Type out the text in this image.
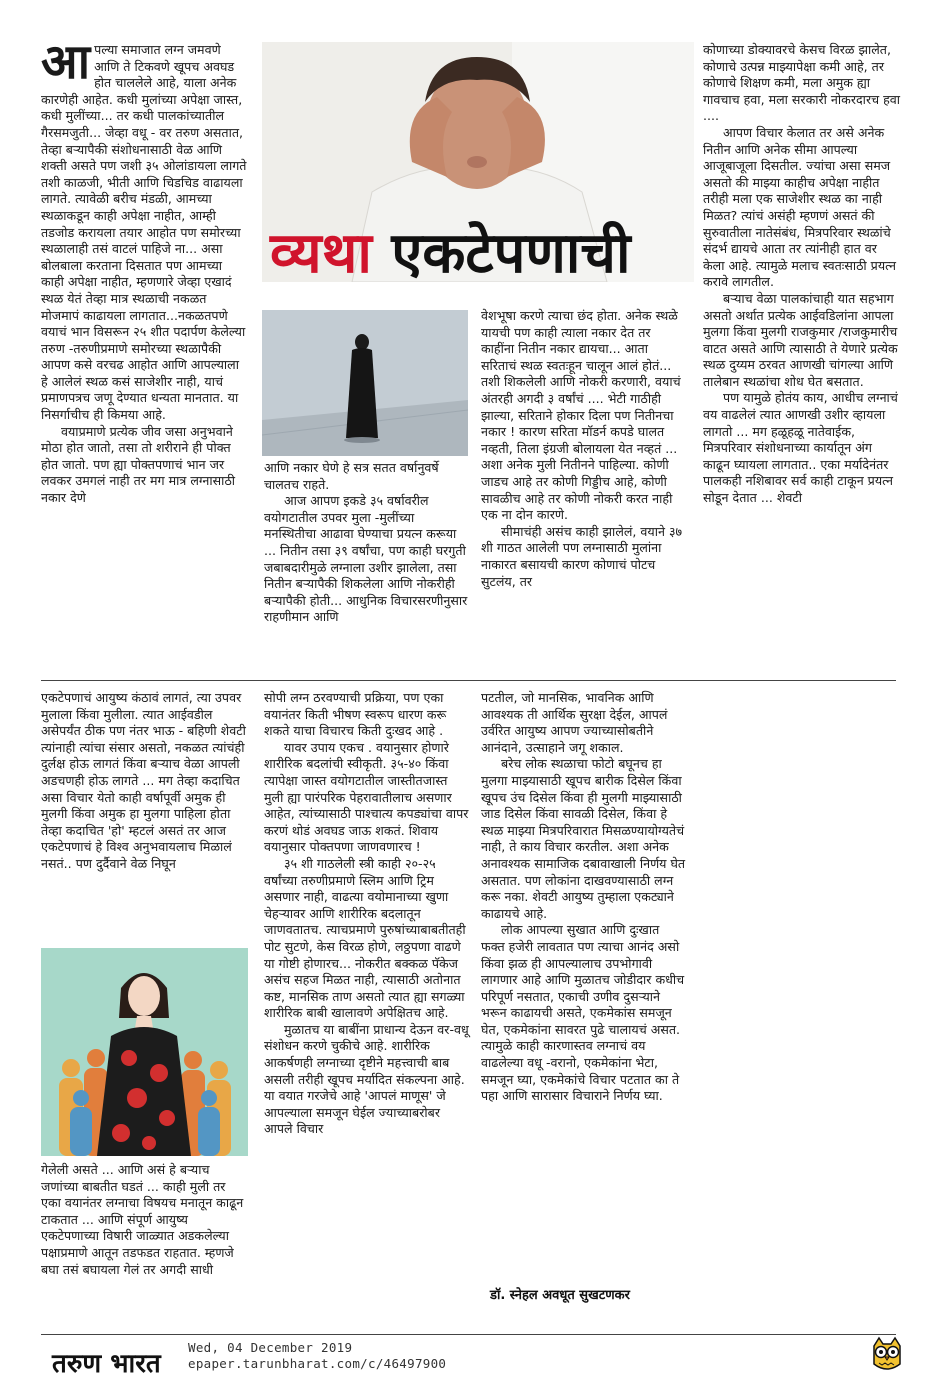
आपल्या समाजात लग्न जमवणे आणि ते टिकवणे खूपच अवघड होत चाललेले आहे, याला अनेक कारणेही आहेत. कधी मुलांच्या अपेक्षा जास्त, कधी मुलींच्या... तर कधी पालकांच्यातील गैरसमजुती... जेव्हा वधू - वर तरुण असतात, तेव्हा बऱ्यापैकी संशोधनासाठी वेळ आणि शक्ती असते पण जशी ३५ ओलांडायला लागते तशी काळजी, भीती आणि चिडचिड वाढायला लागते. त्यावेळी बरीच मंडळी, आमच्या स्थळाकडून काही अपेक्षा नाहीत, आम्ही तडजोड करायला तयार आहोत पण समोरच्या स्थळालाही तसं वाटलं पाहिजे ना... असा बोलबाला करताना दिसतात पण आमच्या काही अपेक्षा नाहीत, म्हणणारे जेव्हा एखादं स्थळ येतं तेव्हा मात्र स्थळाची नकळत मोजमापं काढायला लागतात...नकळतपणे वयाचं भान विसरून २५ शीत पदार्पण केलेल्या तरुण -तरुणीप्रमाणे समोरच्या स्थळापैकी आपण कसे वरचढ आहोत आणि आपल्याला हे आलेलं स्थळ कसं साजेशीर नाही, याचं प्रमाणपत्रच जणू देण्यात धन्यता मानतात. या निसर्गाचीच ही किमया आहे.

वयाप्रमाणे प्रत्येक जीव जसा अनुभवाने मोठा होत जातो, तसा तो शरीराने ही पोक्त होत जातो. पण ह्या पोक्तपणाचं भान जर लवकर उमगलं नाही तर मग मात्र लग्नासाठी नकार देणे

व्यथा एकटेपणाची

आणि नकार घेणे हे सत्र सतत वर्षानुवर्षे चालतच राहते.

आज आपण इकडे ३५ वर्षावरील वयोगटातील उपवर मुला -मुलींच्या मनस्थितीचा आढावा घेण्याचा प्रयत्न करूया ... नितीन तसा ३९ वर्षांचा, पण काही घरगुती जबाबदारीमुळे लग्नाला उशीर झालेला, तसा नितीन बऱ्यापैकी शिकलेला आणि नोकरीही बऱ्यापैकी होती... आधुनिक विचारसरणीनुसार राहणीमान आणि

वेशभूषा करणे त्याचा छंद होता. अनेक स्थळे यायची पण काही त्याला नकार देत तर काहींना नितीन नकार द्यायचा... आता सरिताचं स्थळ स्वतःहून चालून आलं होतं... तशी शिकलेली आणि नोकरी करणारी, वयाचं अंतरही अगदी ३ वर्षांचं .... भेटी गाठीही झाल्या, सरिताने होकार दिला पण नितीनचा नकार ! कारण सरिता मॉडर्न कपडे घालत नव्हती, तिला इंग्रजी बोलायला येत नव्हतं ... अशा अनेक मुली नितीनने पाहिल्या. कोणी जाडच आहे तर कोणी गिड्डीच आहे, कोणी सावळीच आहे तर कोणी नोकरी करत नाही एक ना दोन कारणे.

सीमाचंही असंच काही झालेलं, वयाने ३७ शी गाठत आलेली पण लग्नासाठी मुलांना नाकारत बसायची कारण कोणाचं पोटच सुटलंय, तर

कोणाच्या डोक्यावरचे केसच विरळ झालेत, कोणाचे उत्पन्न माझ्यापेक्षा कमी आहे, तर कोणाचे शिक्षण कमी, मला अमुक ह्या गावचाच हवा, मला सरकारी नोकरदारच हवा ....

आपण विचार केलात तर असे अनेक नितीन आणि अनेक सीमा आपल्या आजूबाजूला दिसतील. ज्यांचा असा समज असतो की माझ्या काहीच अपेक्षा नाहीत तरीही मला एक साजेशीर स्थळ का नाही मिळत? त्यांचं असंही म्हणणं असतं की सुरुवातीला नातेसंबंध, मित्रपरिवार स्थळांचे संदर्भ द्यायचे आता तर त्यांनीही हात वर केला आहे. त्यामुळे मलाच स्वतःसाठी प्रयत्न करावे लागतील.

बऱ्याच वेळा पालकांचाही यात सहभाग असतो अर्थात प्रत्येक आईवडिलांना आपला मुलगा किंवा मुलगी राजकुमार /राजकुमारीच वाटत असते आणि त्यासाठी ते येणारे प्रत्येक स्थळ दुय्यम ठरवत आणखी चांगल्या आणि तालेबान स्थळांचा शोध घेत बसतात.

पण यामुळे होतंय काय, आधीच लग्नाचं वय वाढलेलं त्यात आणखी उशीर व्हायला लागतो ... मग हळूहळू नातेवाईक, मित्रपरिवार संशोधनाच्या कार्यातून अंग काढून घ्यायला लागतात.. एका मर्यादेनंतर पालकही नशिबावर सर्व काही टाकून प्रयत्न सोडून देतात ... शेवटी

एकटेपणाचं आयुष्य कंठावं लागतं, त्या उपवर मुलाला किंवा मुलीला. त्यात आईवडील असेपर्यंत ठीक पण नंतर भाऊ - बहिणी शेवटी त्यांनाही त्यांचा संसार असतो, नकळत त्यांचंही दुर्लक्ष होऊ लागतं किंवा बऱ्याच वेळा आपली अडचणही होऊ लागते ... मग तेव्हा कदाचित असा विचार येतो काही वर्षापूर्वी अमुक ही मुलगी किंवा अमुक हा मुलगा पाहिला होता तेव्हा कदाचित 'हो' म्हटलं असतं तर आज एकटेपणाचं हे विश्व अनुभवायलाच मिळालं नसतं.. पण दुर्दैवाने वेळ निघून

गेलेली असते ... आणि असं हे बऱ्याच जणांच्या बाबतीत घडतं ... काही मुली तर एका वयानंतर लग्नाचा विषयच मनातून काढून टाकतात ... आणि संपूर्ण आयुष्य एकटेपणाच्या विषारी जाळ्यात अडकलेल्या पक्षाप्रमाणे आतून तडफडत राहतात. म्हणजे बघा तसं बघायला गेलं तर अगदी साधी

सोपी लग्न ठरवण्याची प्रक्रिया, पण एका वयानंतर किती भीषण स्वरूप धारण करू शकते याचा विचारच किती दुःखद आहे .

यावर उपाय एकच . वयानुसार होणारे शारीरिक बदलांची स्वीकृती. ३५-४० किंवा त्यापेक्षा जास्त वयोगटातील जास्तीतजास्त मुली ह्या पारंपरिक पेहरावातीलाच असणार आहेत, त्यांच्यासाठी पाश्चात्य कपड्यांचा वापर करणं थोडं अवघड जाऊ शकतं. शिवाय वयानुसार पोक्तपणा जाणवणारच !

३५ शी गाठलेली स्त्री काही २०-२५ वर्षांच्या तरुणीप्रमाणे स्लिम आणि ट्रिम असणार नाही, वाढत्या वयोमानाच्या खुणा चेहऱ्यावर आणि शारीरिक बदलातून जाणवतातच. त्याचप्रमाणे पुरुषांच्याबाबतीतही पोट सुटणे, केस विरळ होणे, लठ्ठपणा वाढणे या गोष्टी होणारच... नोकरीत बक्कळ पॅकेज असंच सहज मिळत नाही, त्यासाठी अतोनात कष्ट, मानसिक ताण असतो त्यात ह्या सगळ्या शारीरिक बाबी खालावणे अपेक्षितच आहे.

मुळातच या बाबींना प्राधान्य देऊन वर-वधू संशोधन करणे चुकीचे आहे. शारीरिक आकर्षणही लग्नाच्या दृष्टीने महत्त्वाची बाब असली तरीही खूपच मर्यादित संकल्पना आहे. या वयात गरजेचे आहे 'आपलं माणूस' जे आपल्याला समजून घेईल ज्याच्याबरोबर आपले विचार

पटतील, जो मानसिक, भावनिक आणि आवश्यक ती आर्थिक सुरक्षा देईल, आपलं उर्वरित आयुष्य आपण ज्याच्यासोबतीने आनंदाने, उत्साहाने जगू शकाल.

बरेच लोक स्थळाचा फोटो बघूनच हा मुलगा माझ्यासाठी खूपच बारीक दिसेल किंवा खूपच उंच दिसेल किंवा ही मुलगी माझ्यासाठी जाड दिसेल किंवा सावळी दिसेल, किंवा हे स्थळ माझ्या मित्रपरिवारात मिसळण्यायोग्यतेचं नाही, ते काय विचार करतील. अशा अनेक अनावश्यक सामाजिक दबावाखाली निर्णय घेत असतात. पण लोकांना दाखवण्यासाठी लग्न करू नका. शेवटी आयुष्य तुम्हाला एकट्याने काढायचे आहे.

लोक आपल्या सुखात आणि दुःखात फक्त हजेरी लावतात पण त्याचा आनंद असो किंवा झळ ही आपल्यालाच उपभोगावी लागणार आहे आणि मुळातच जोडीदार कधीच परिपूर्ण नसतात, एकाची उणीव दुसऱ्याने भरून काढायची असते, एकमेकांस समजून घेत, एकमेकांना सावरत पुढे चालायचं असत. त्यामुळे काही कारणास्तव लग्नाचं वय वाढलेल्या वधू -वरानो, एकमेकांना भेटा, समजून घ्या, एकमेकांचे विचार पटतात का ते पहा आणि सारासार विचाराने निर्णय घ्या.

डॉ. स्नेहल अवधूत सुखटणकर
तरुण भारत
Wed, 04 December 2019
epaper.tarunbharat.com/c/46497900
